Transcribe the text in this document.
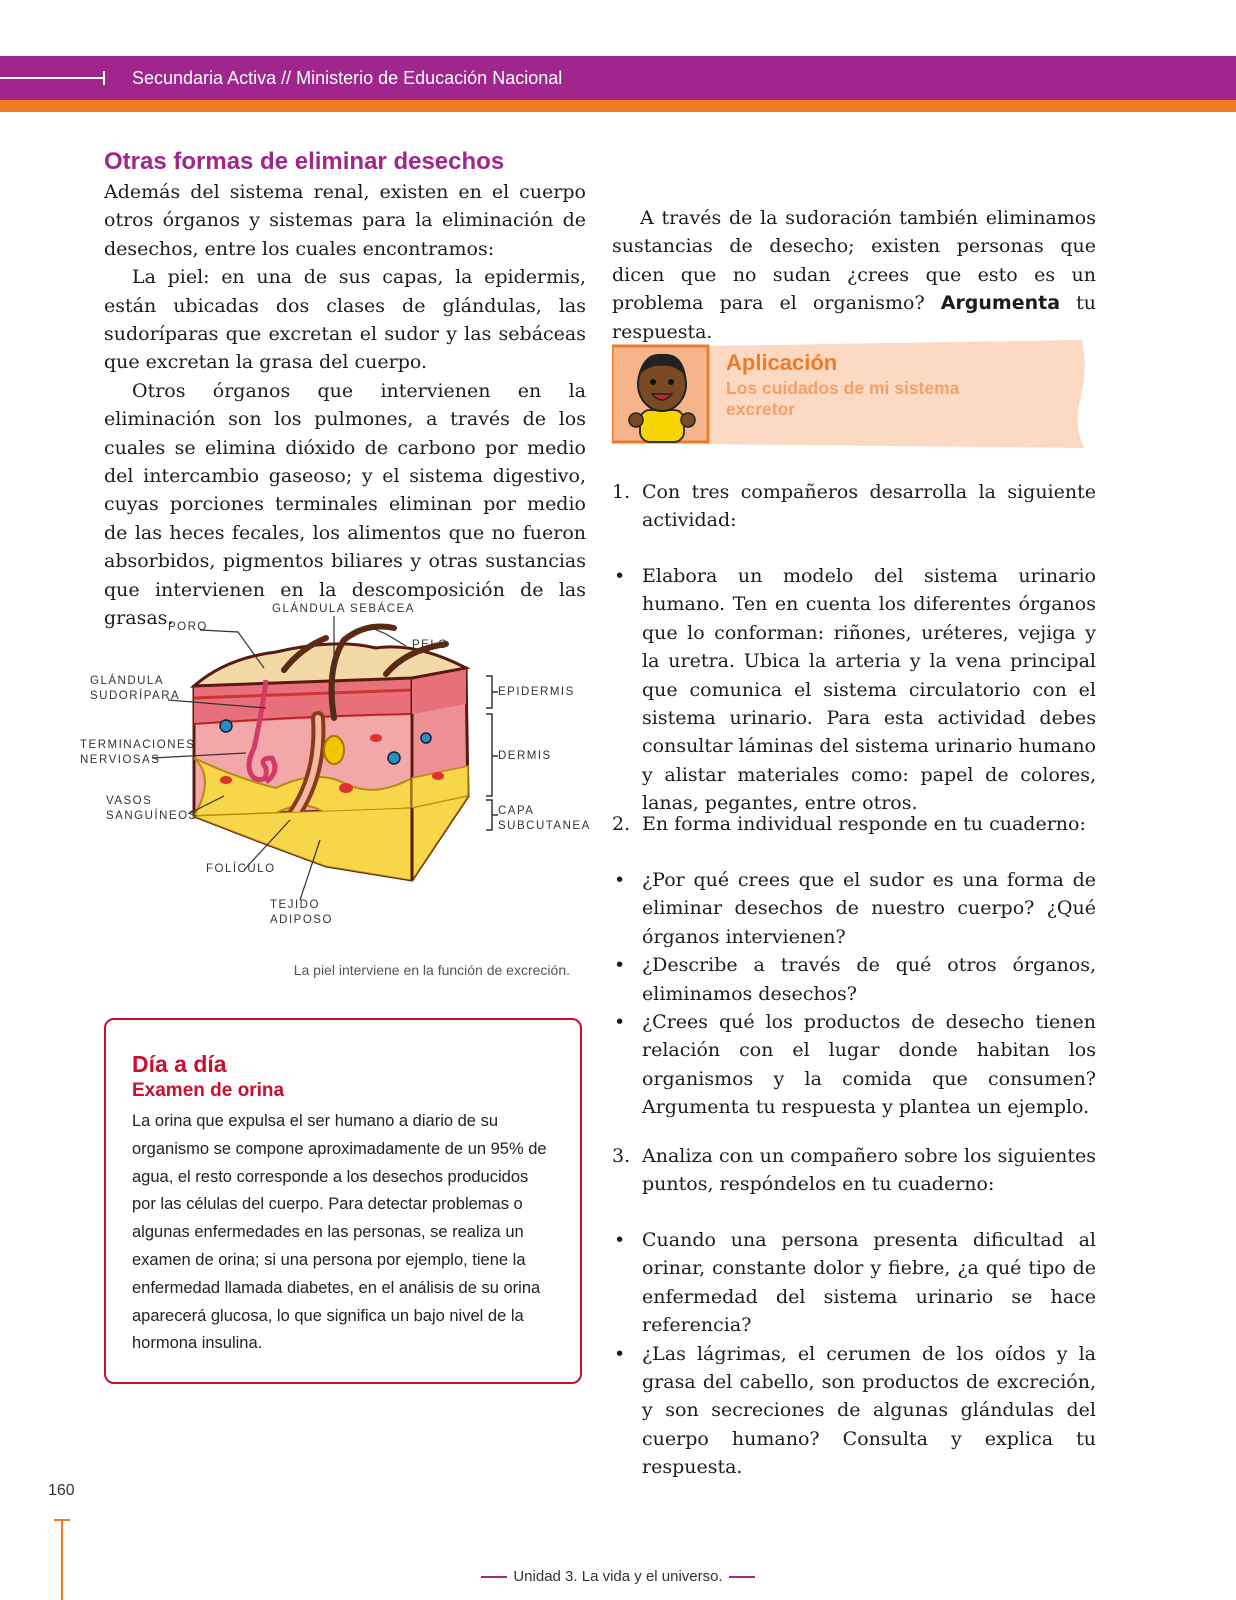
Secundaria Activa // Ministerio de Educación Nacional
Otras formas de eliminar desechos

Además del sistema renal, existen en el cuerpo otros órganos y sistemas para la eliminación de desechos, entre los cuales encontramos:

La piel: en una de sus capas, la epidermis, están ubicadas dos clases de glándulas, las sudoríparas que excretan el sudor y las sebáceas que excretan la grasa del cuerpo.

Otros órganos que intervienen en la eliminación son los pulmones, a través de los cuales se elimina dióxido de carbono por medio del intercambio gaseoso; y el sistema digestivo, cuyas porciones terminales eliminan por medio de las heces fecales, los alimentos que no fueron absorbidos, pigmentos biliares y otras sustancias que intervienen en la descomposición de las grasas.	GLÁNDULA SEBÁCEA
PORO
PELO
GLÁNDULA
SUDORÍPARA
TERMINACIONES
NERVIOSAS
VASOS
SANGUÍNEOS
FOLÍCULO
TEJIDO
ADIPOSO
EPIDERMIS
DERMIS
CAPA
SUBCUTANEA
La piel interviene en la función de excreción.
Día a día
Examen de orina

La orina que expulsa el ser humano a diario de su organismo se compone aproximadamente de un 95% de agua, el resto corresponde a los desechos producidos por las células del cuerpo. Para detectar problemas o algunas enfermedades en las personas, se realiza un examen de orina; si una persona por ejemplo, tiene la enfermedad llamada diabetes, en el análisis de su orina aparecerá glucosa, lo que significa un bajo nivel de la hormona insulina.

A través de la sudoración también eliminamos sustancias de desecho; existen personas que dicen que no sudan ¿crees que esto es un problema para el organismo? Argumenta tu respuesta.

Aplicación
Los cuidados de mi sistema excretor
1. Con tres compañeros desarrolla la siguiente actividad:
• Elabora un modelo del sistema urinario humano. Ten en cuenta los diferentes órganos que lo conforman: riñones, uréteres, vejiga y la uretra. Ubica la arteria y la vena principal que comunica el sistema circulatorio con el sistema urinario. Para esta actividad debes consultar láminas del sistema urinario humano y alistar materiales como: papel de colores, lanas, pegantes, entre otros.
2. En forma individual responde en tu cuaderno:
• ¿Por qué crees que el sudor es una forma de eliminar desechos de nuestro cuerpo? ¿Qué órganos intervienen?
• ¿Describe a través de qué otros órganos, eliminamos desechos?
• ¿Crees qué los productos de desecho tienen relación con el lugar donde habitan los organismos y la comida que consumen? Argumenta tu respuesta y plantea un ejemplo.
3. Analiza con un compañero sobre los siguientes puntos, respóndelos en tu cuaderno:
• Cuando una persona presenta dificultad al orinar, constante dolor y fiebre, ¿a qué tipo de enfermedad del sistema urinario se hace referencia?
• ¿Las lágrimas, el cerumen de los oídos y la grasa del cabello, son productos de excreción, y son secreciones de algunas glándulas del cuerpo humano? Consulta y explica tu respuesta.
160
Unidad 3. La vida y el universo.
